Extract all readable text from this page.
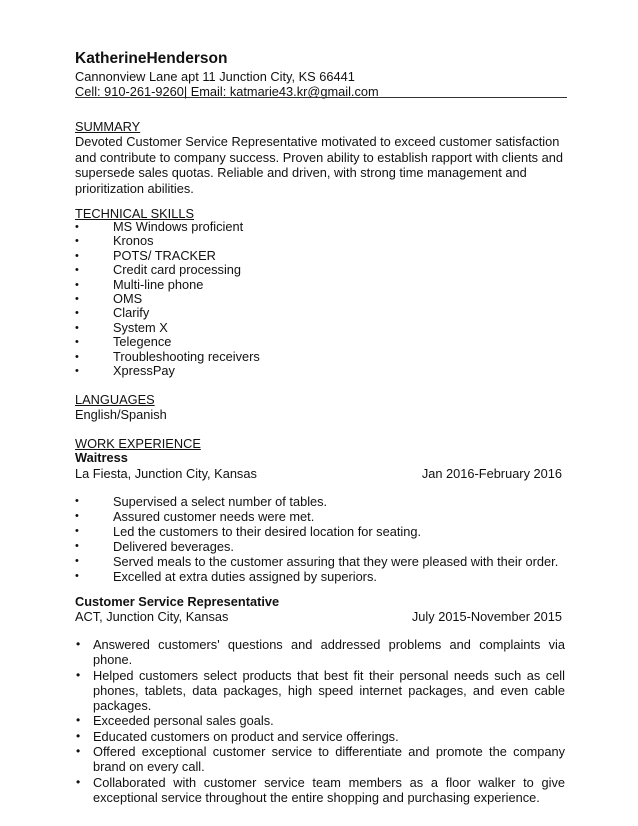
KatherineHenderson
Cannonview Lane apt 11 Junction City, KS 66441
Cell: 910-261-9260| Email: katmarie43.kr@gmail.com
SUMMARY
Devoted Customer Service Representative motivated to exceed customer satisfaction and contribute to company success. Proven ability to establish rapport with clients and supersede sales quotas. Reliable and driven, with strong time management and prioritization abilities.
TECHNICAL SKILLS
• MS Windows proficient
• Kronos
• POTS/ TRACKER
• Credit card processing
• Multi-line phone
• OMS
• Clarify
• System X
• Telegence
• Troubleshooting receivers
• XpressPay
LANGUAGES
English/Spanish
WORK EXPERIENCE
Waitress
La Fiesta, Junction City, Kansas	Jan 2016-February 2016
• Supervised a select number of tables.
• Assured customer needs were met.
• Led the customers to their desired location for seating.
• Delivered beverages.
• Served meals to the customer assuring that they were pleased with their order.
• Excelled at extra duties assigned by superiors.
Customer Service Representative
ACT, Junction City, Kansas	July 2015-November 2015
• Answered customers' questions and addressed problems and complaints via phone.
• Helped customers select products that best fit their personal needs such as cell phones, tablets, data packages, high speed internet packages, and even cable packages.
• Exceeded personal sales goals.
• Educated customers on product and service offerings.
• Offered exceptional customer service to differentiate and promote the company brand on every call.
• Collaborated with customer service team members as a floor walker to give exceptional service throughout the entire shopping and purchasing experience.
